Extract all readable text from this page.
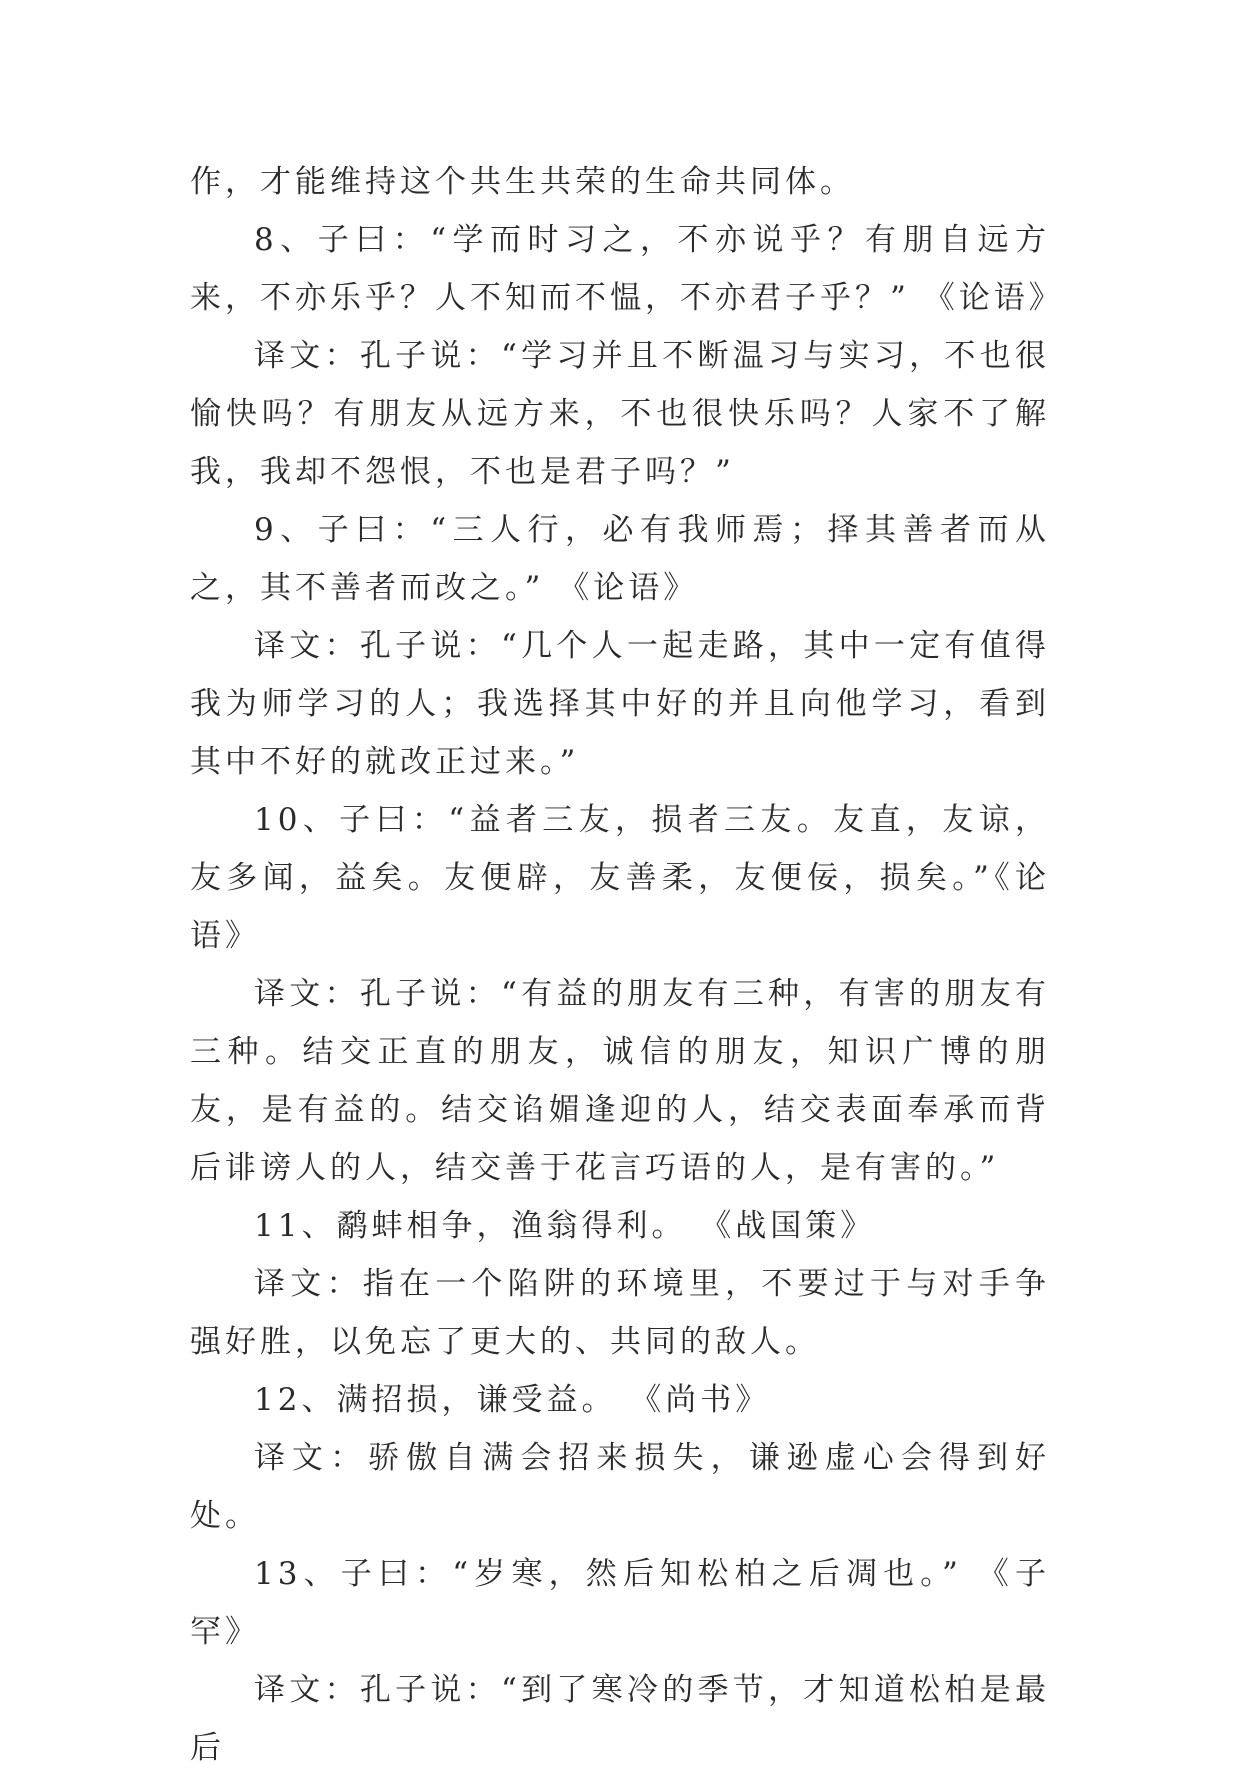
作，才能维持这个共生共荣的生命共同体。

8、子曰：“学而时习之，不亦说乎？有朋自远方来，不亦乐乎？人不知而不愠，不亦君子乎？” 《论语》

译文：孔子说：“学习并且不断温习与实习，不也很愉快吗？有朋友从远方来，不也很快乐吗？人家不了解我，我却不怨恨，不也是君子吗？”

9、子曰：“三人行，必有我师焉；择其善者而从之，其不善者而改之。” 《论语》

译文：孔子说：“几个人一起走路，其中一定有值得我为师学习的人；我选择其中好的并且向他学习，看到其中不好的就改正过来。”

10、子曰：“益者三友，损者三友。友直，友谅，友多闻，益矣。友便辟，友善柔，友便佞，损矣。”《论语》

译文：孔子说：“有益的朋友有三种，有害的朋友有三种。结交正直的朋友，诚信的朋友，知识广博的朋友，是有益的。结交谄媚逢迎的人，结交表面奉承而背后诽谤人的人，结交善于花言巧语的人，是有害的。”

11、鹬蚌相争，渔翁得利。 《战国策》

译文：指在一个陷阱的环境里，不要过于与对手争强好胜，以免忘了更大的、共同的敌人。

12、满招损，谦受益。 《尚书》

译文：骄傲自满会招来损失，谦逊虚心会得到好处。

13、子曰：“岁寒，然后知松柏之后凋也。” 《子罕》

译文：孔子说：“到了寒冷的季节，才知道松柏是最后
